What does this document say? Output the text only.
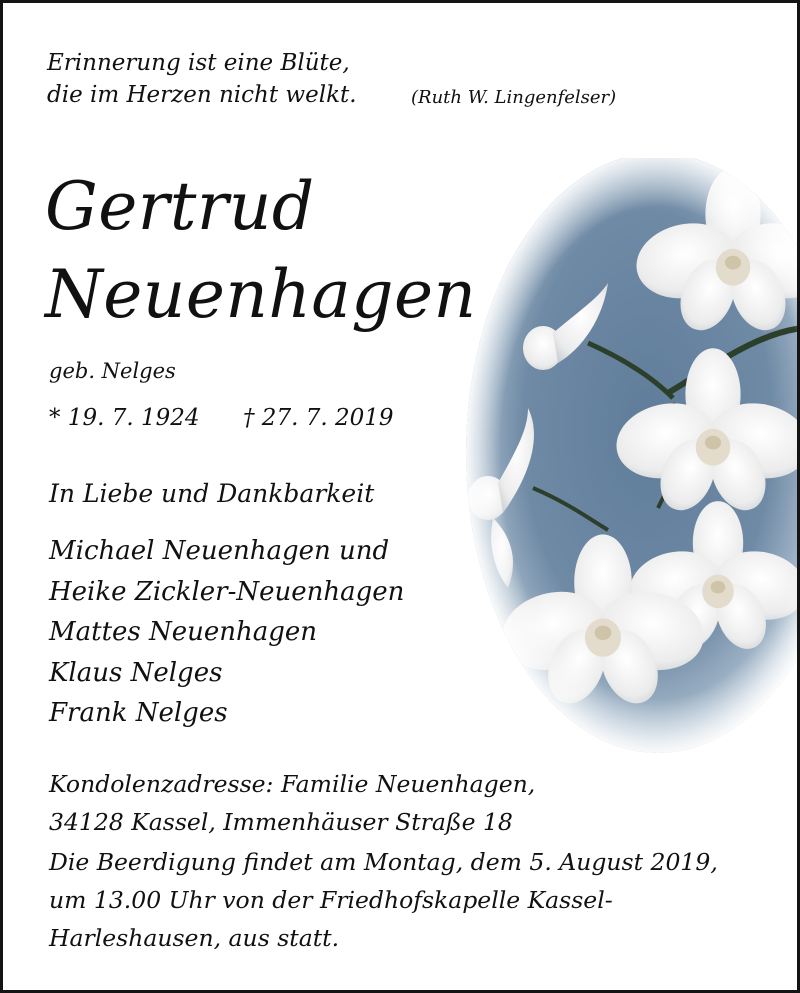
Erinnerung ist eine Blüte,
die im Herzen nicht welkt.	(Ruth W. Lingenfelser)
Gertrud
Neuenhagen
geb. Nelges
* 19. 7. 1924 † 27. 7. 2019
In Liebe und Dankbarkeit
Michael Neuenhagen und
Heike Zickler-Neuenhagen
Mattes Neuenhagen
Klaus Nelges
Frank Nelges
Kondolenzadresse: Familie Neuenhagen,
34128 Kassel, Immenhäuser Straße 18
Die Beerdigung findet am Montag, dem 5. August 2019,
um 13.00 Uhr von der Friedhofskapelle Kassel-
Harleshausen, aus statt.
